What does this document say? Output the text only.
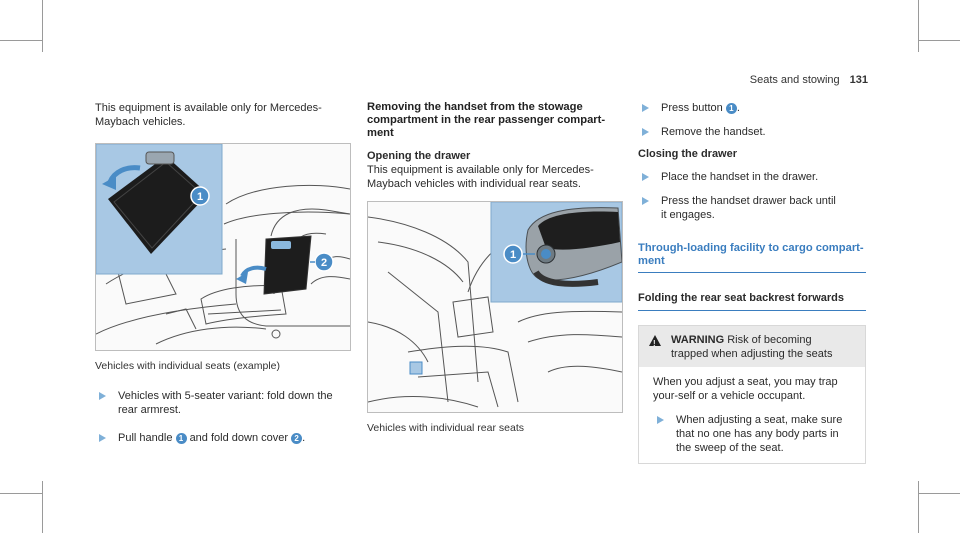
Seats and stowing 131

This equipment is available only for Mercedes-Maybach vehicles.

2
1

Vehicles with individual seats (example)

Vehicles with 5-seater variant: fold down the rear armrest.

Pull handle 1 and fold down cover 2 .

Removing the handset from the stowage compartment in the rear passenger compart-ment

Opening the drawer

This equipment is available only for Mercedes-Maybach vehicles with individual rear seats.

1

Vehicles with individual rear seats

Press button 1 .

Remove the handset.

Closing the drawer

Place the handset in the drawer.

Press the handset drawer back until it engages.

Through-loading facility to cargo compart-ment

Folding the rear seat backrest forwards

!

WARNING Risk of becoming trapped when adjusting the seats

When you adjust a seat, you may trap your-self or a vehicle occupant.

When adjusting a seat, make sure that no one has any body parts in the sweep of the seat.
